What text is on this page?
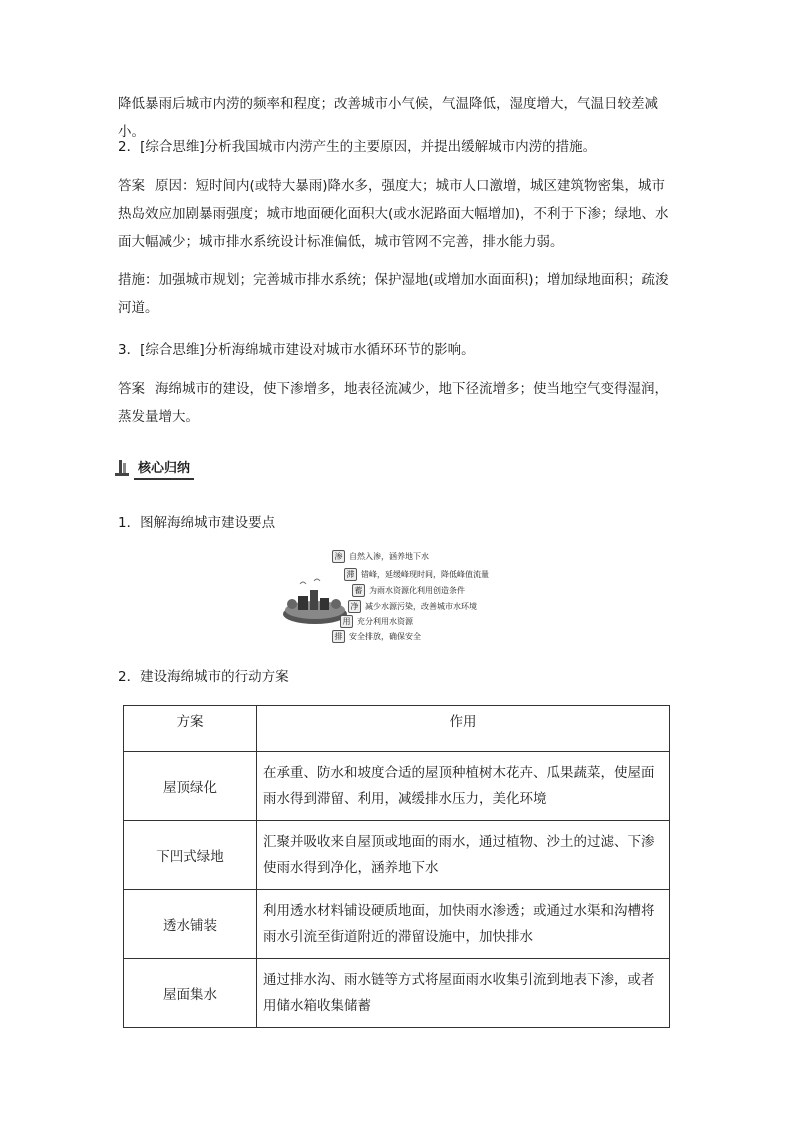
降低暴雨后城市内涝的频率和程度；改善城市小气候，气温降低，湿度增大，气温日较差减小。

2．[综合思维]分析我国城市内涝产生的主要原因，并提出缓解城市内涝的措施。

答案 原因：短时间内(或特大暴雨)降水多，强度大；城市人口激增，城区建筑物密集，城市热岛效应加剧暴雨强度；城市地面硬化面积大(或水泥路面大幅增加)，不利于下渗；绿地、水面大幅减少；城市排水系统设计标准偏低，城市管网不完善，排水能力弱。

措施：加强城市规划；完善城市排水系统；保护湿地(或增加水面面积)；增加绿地面积；疏浚河道。

3．[综合思维]分析海绵城市建设对城市水循环环节的影响。

答案 海绵城市的建设，使下渗增多，地表径流减少，地下径流增多；使当地空气变得湿润，蒸发量增大。

核心归纳
1．图解海绵城市建设要点
渗 自然入渗，涵养地下水
滞 错峰，延缓峰现时间，降低峰值流量
蓄 为雨水资源化利用创造条件
净 减少水源污染，改善城市水环境
用 充分利用水资源
排 安全排放，确保安全
2．建设海绵城市的行动方案
方案	作用
屋顶绿化	在承重、防水和坡度合适的屋顶种植树木花卉、瓜果蔬菜，使屋面雨水得到滞留、利用，减缓排水压力，美化环境
下凹式绿地	汇聚并吸收来自屋顶或地面的雨水，通过植物、沙土的过滤、下渗使雨水得到净化，涵养地下水
透水铺装	利用透水材料铺设硬质地面，加快雨水渗透；或通过水渠和沟槽将雨水引流至街道附近的滞留设施中，加快排水
屋面集水	通过排水沟、雨水链等方式将屋面雨水收集引流到地表下渗，或者用储水箱收集储蓄
